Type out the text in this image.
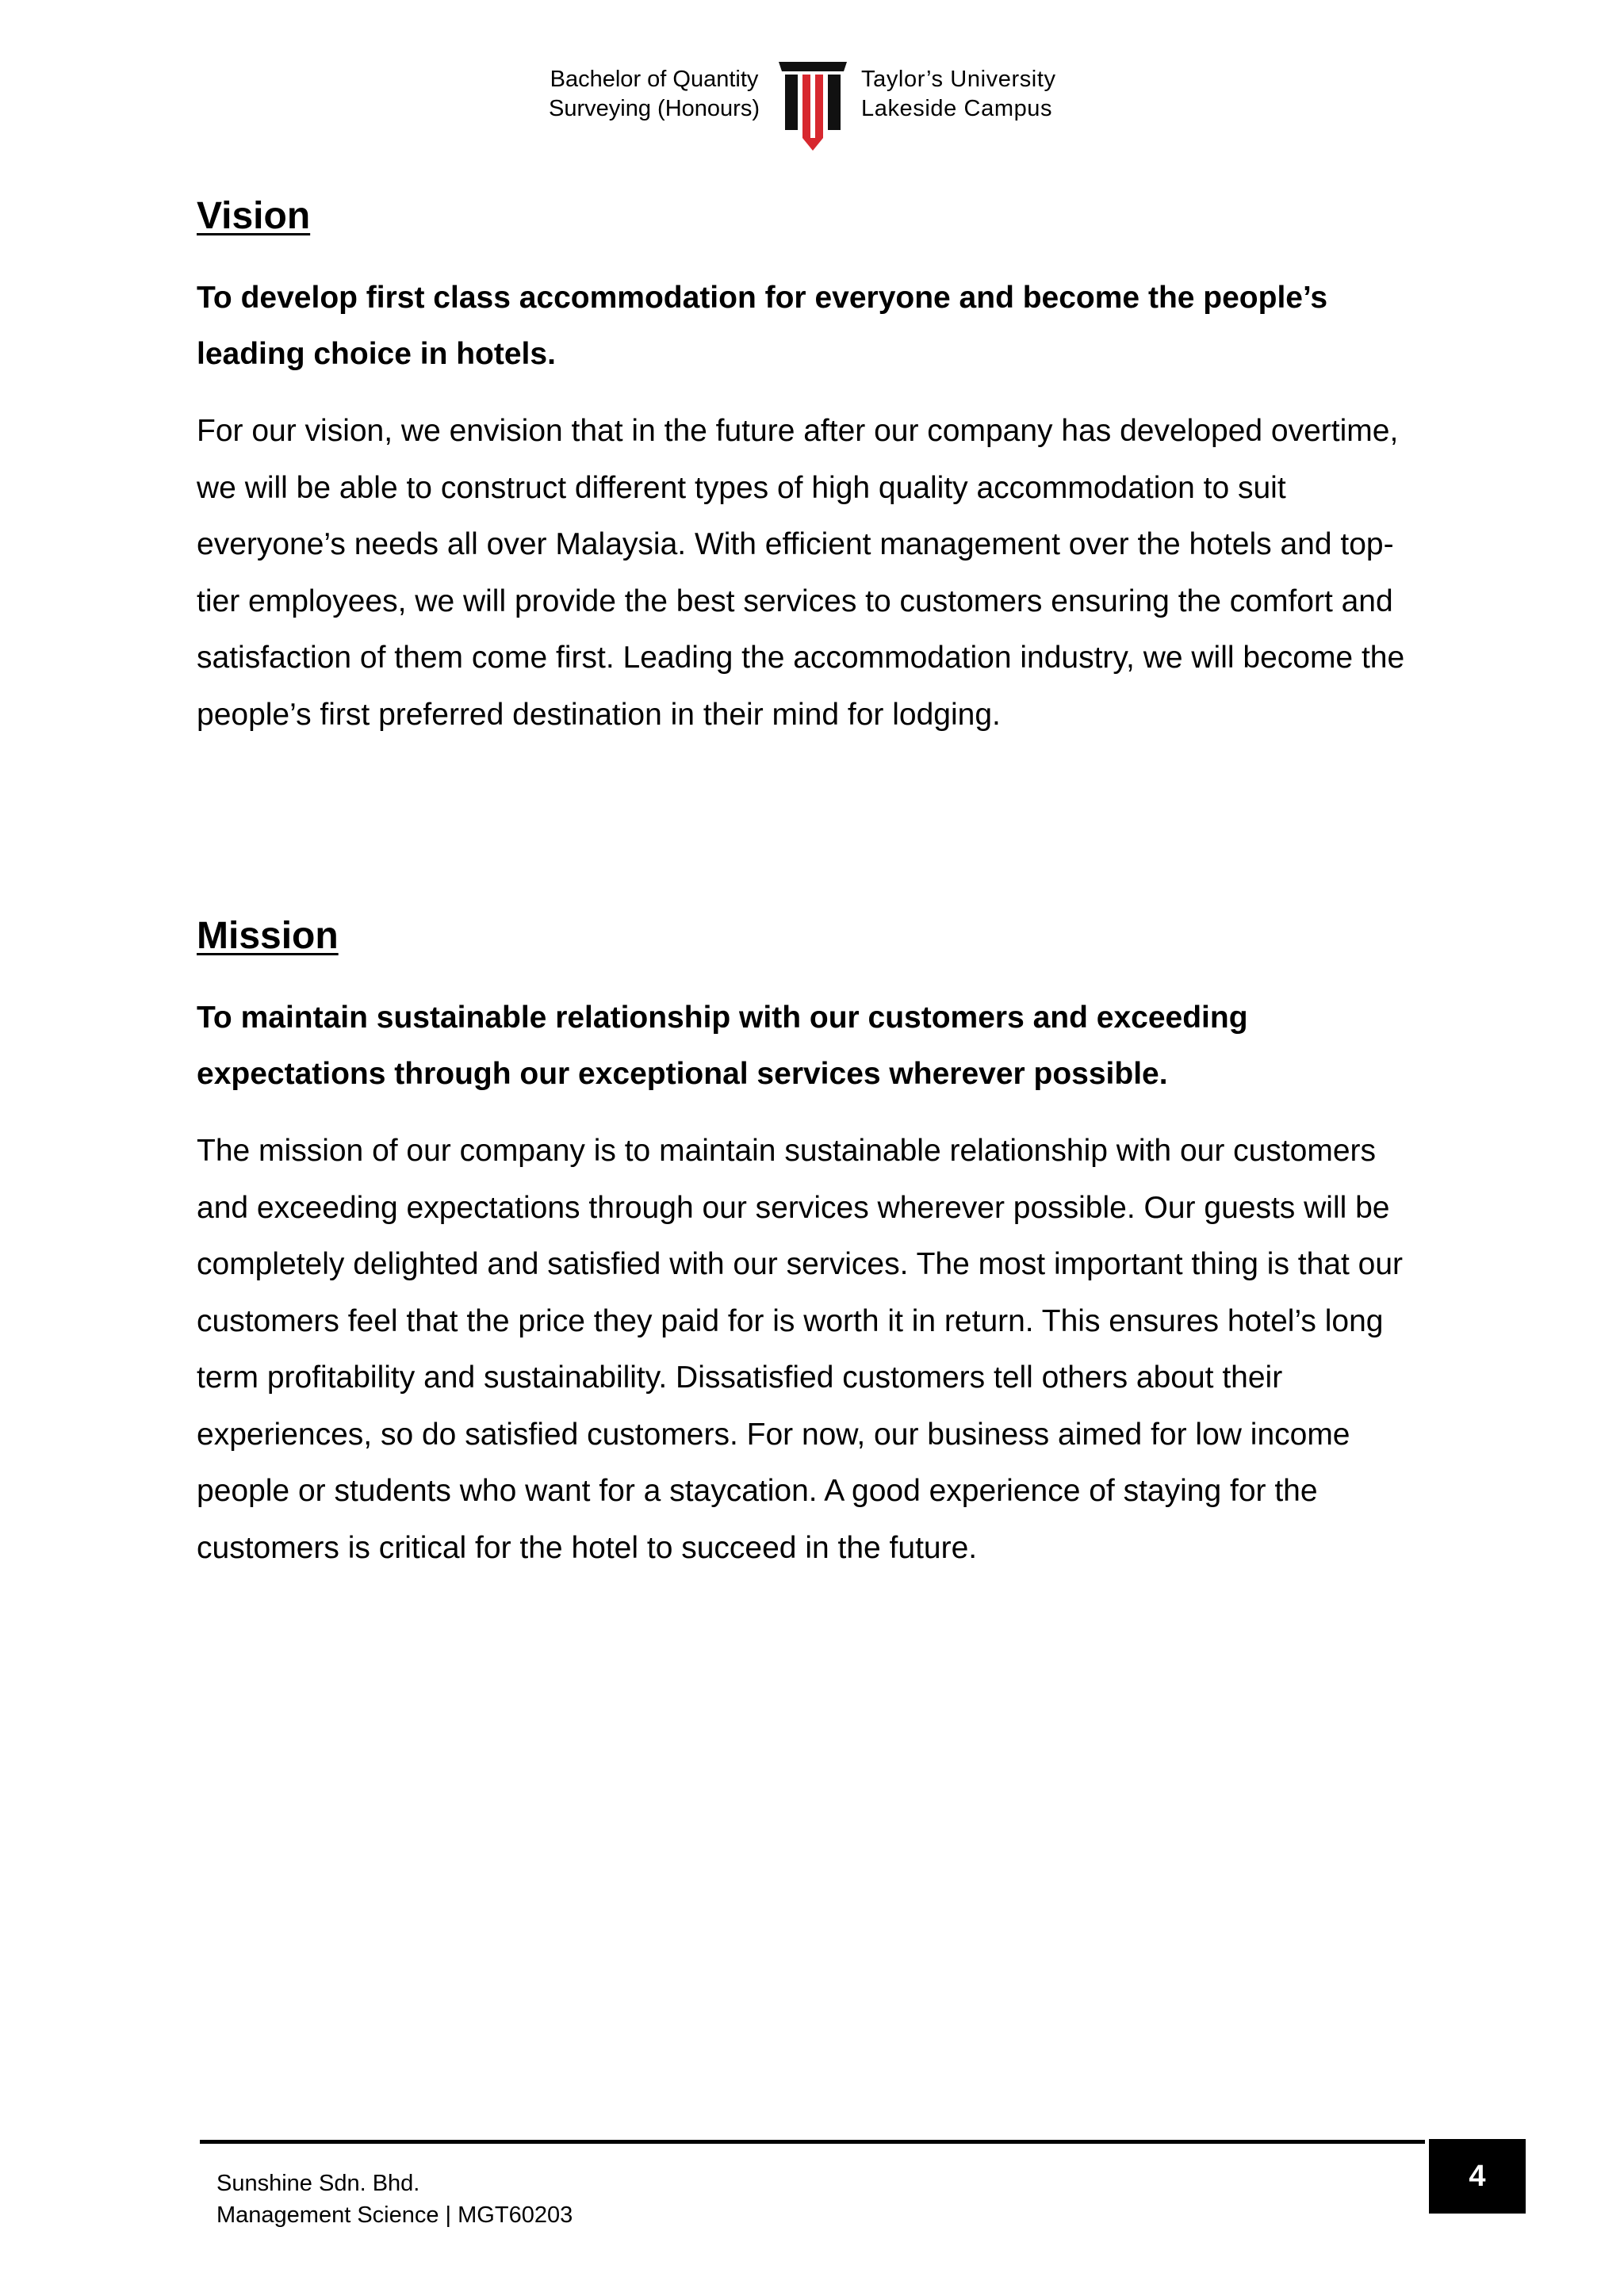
Bachelor of Quantity
Surveying (Honours)
Taylor’s University
Lakeside Campus
Vision

To develop first class accommodation for everyone and become the people’s leading choice in hotels.

For our vision, we envision that in the future after our company has developed overtime, we will be able to construct different types of high quality accommodation to suit everyone’s needs all over Malaysia. With efficient management over the hotels and top-tier employees, we will provide the best services to customers ensuring the comfort and satisfaction of them come first. Leading the accommodation industry, we will become the people’s first preferred destination in their mind for lodging.

Mission

To maintain sustainable relationship with our customers and exceeding expectations through our exceptional services wherever possible.

The mission of our company is to maintain sustainable relationship with our customers and exceeding expectations through our services wherever possible. Our guests will be completely delighted and satisfied with our services. The most important thing is that our customers feel that the price they paid for is worth it in return. This ensures hotel’s long term profitability and sustainability. Dissatisfied customers tell others about their experiences, so do satisfied customers. For now, our business aimed for low income people or students who want for a staycation. A good experience of staying for the customers is critical for the hotel to succeed in the future.

Sunshine Sdn. Bhd.
Management Science | MGT60203
4
